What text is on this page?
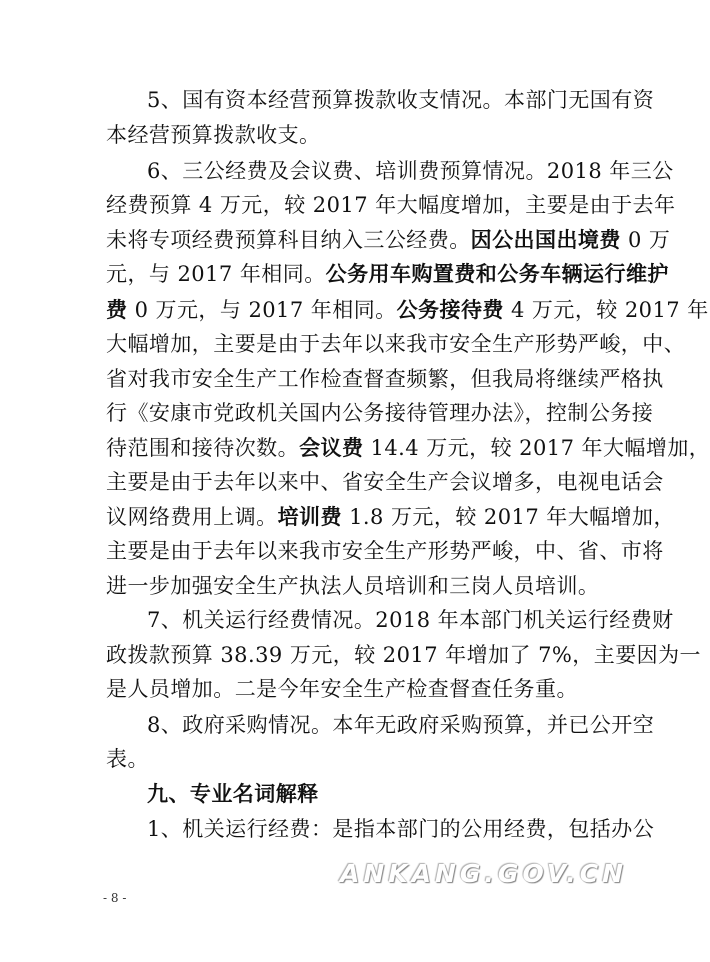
5、国有资本经营预算拨款收支情况。本部门无国有资
本经营预算拨款收支。
6、三公经费及会议费、培训费预算情况。2018 年三公
经费预算 4 万元，较 2017 年大幅度增加，主要是由于去年
未将专项经费预算科目纳入三公经费。因公出国出境费 0 万
元，与 2017 年相同。公务用车购置费和公务车辆运行维护
费 0 万元，与 2017 年相同。公务接待费 4 万元，较 2017 年
大幅增加，主要是由于去年以来我市安全生产形势严峻，中、
省对我市安全生产工作检查督查频繁，但我局将继续严格执
行《安康市党政机关国内公务接待管理办法》，控制公务接
待范围和接待次数。会议费 14.4 万元，较 2017 年大幅增加，
主要是由于去年以来中、省安全生产会议增多，电视电话会
议网络费用上调。培训费 1.8 万元，较 2017 年大幅增加，
主要是由于去年以来我市安全生产形势严峻，中、省、市将
进一步加强安全生产执法人员培训和三岗人员培训。
7、机关运行经费情况。2018 年本部门机关运行经费财
政拨款预算 38.39 万元，较 2017 年增加了 7%，主要因为一
是人员增加。二是今年安全生产检查督查任务重。
8、政府采购情况。本年无政府采购预算，并已公开空
表。
九、专业名词解释
1、机关运行经费：是指本部门的公用经费，包括办公
ANKANG.GOV.CN
- 8 -
